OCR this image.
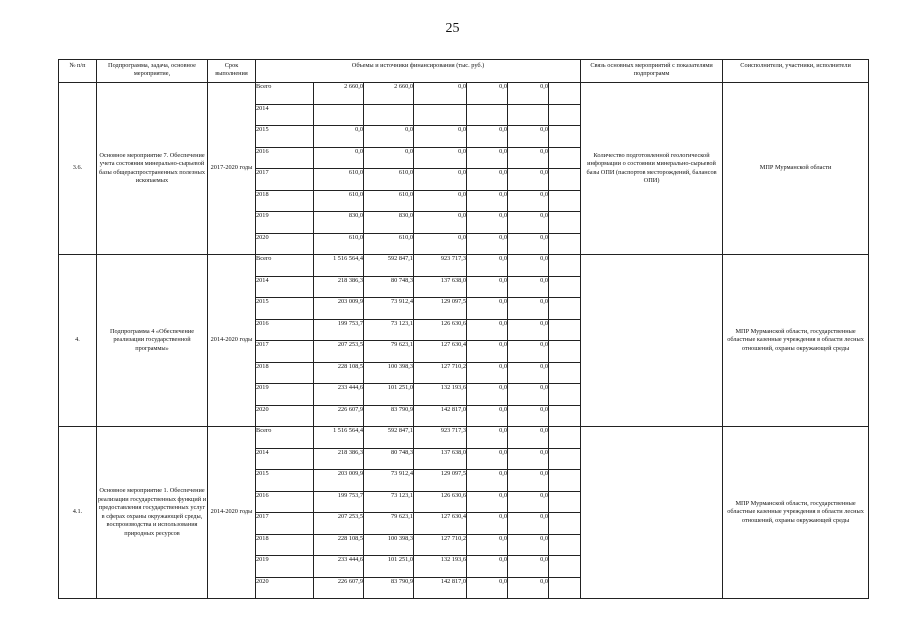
25
№ п/п	Подпрограмма, задача, основное мероприятие,	Срок выполнения	Объемы и источники финансирования (тыс. руб.)							Связь основных мероприятий с показателями подпрограмм	Соисполнители, участники, исполнители
3.6.	Основное мероприятие 7. Обеспечение учета состояния минерально-сырьевой базы общераспространенных полезных ископаемых	2017-2020 годы	Всего	2 660,0	2 660,0	0,0	0,0	0,0		Количество подготовленной геологической информации о состоянии минерально-сырьевой базы ОПИ (паспортов месторождений, балансов ОПИ)	МПР Мурманской области
			2014								
			2015	0,0	0,0	0,0	0,0	0,0			
			2016	0,0	0,0	0,0	0,0	0,0			
			2017	610,0	610,0	0,0	0,0	0,0			
			2018	610,0	610,0	0,0	0,0	0,0			
			2019	830,0	830,0	0,0	0,0	0,0			
			2020	610,0	610,0	0,0	0,0	0,0			
4.	Подпрограмма 4 «Обеспечение реализации государственной программы»	2014-2020 годы	Всего	1 516 564,4	592 847,1	923 717,3	0,0	0,0			МПР Мурманской области, государственные областные казенные учреждения в области лесных отношений, охраны окружающей среды
			2014	218 386,3	80 748,3	137 638,0	0,0	0,0			
			2015	203 009,9	73 912,4	129 097,5	0,0	0,0			
			2016	199 753,7	73 123,1	126 630,6	0,0	0,0			
			2017	207 253,5	79 623,1	127 630,4	0,0	0,0			
			2018	228 108,5	100 398,3	127 710,2	0,0	0,0			
			2019	233 444,6	101 251,0	132 193,6	0,0	0,0			
			2020	226 607,9	83 790,9	142 817,0	0,0	0,0			
4.1.	Основное мероприятие 1. Обеспечение реализации государственных функций и предоставления государственных услуг в сферах охраны окружающей среды, воспроизводства и использования природных ресурсов	2014-2020 годы	Всего	1 516 564,4	592 847,1	923 717,3	0,0	0,0			МПР Мурманской области, государственные областные казенные учреждения в области лесных отношений, охраны окружающей среды
			2014	218 386,3	80 748,3	137 638,0	0,0	0,0			
			2015	203 009,9	73 912,4	129 097,5	0,0	0,0			
			2016	199 753,7	73 123,1	126 630,6	0,0	0,0			
			2017	207 253,5	79 623,1	127 630,4	0,0	0,0			
			2018	228 108,5	100 398,3	127 710,2	0,0	0,0			
			2019	233 444,6	101 251,0	132 193,6	0,0	0,0			
			2020	226 607,9	83 790,9	142 817,0	0,0	0,0			
